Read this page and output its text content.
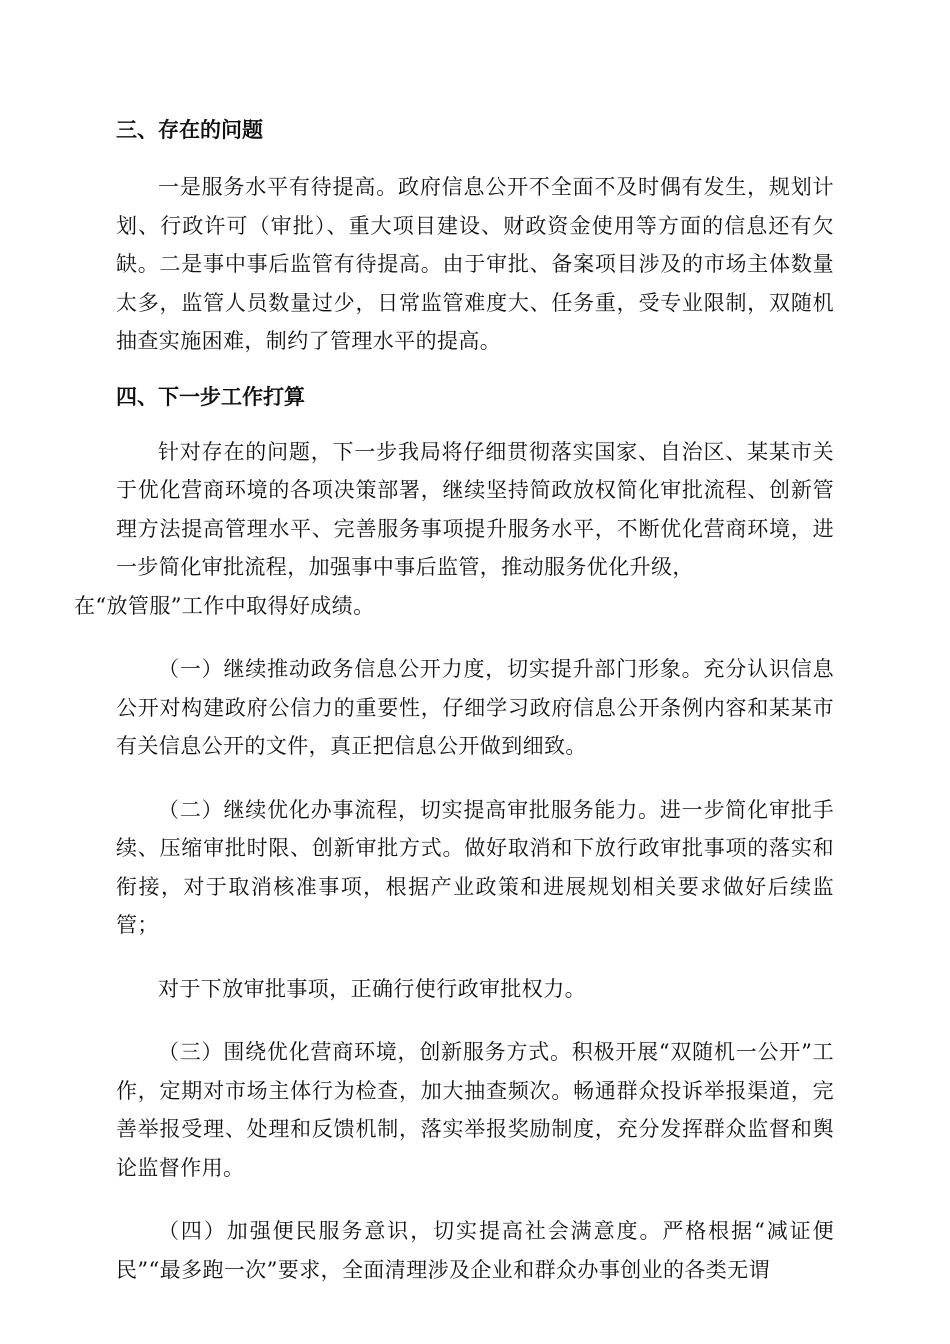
三、存在的问题

一是服务水平有待提高。政府信息公开不全面不及时偶有发生，规划计划、行政许可（审批）、重大项目建设、财政资金使用等方面的信息还有欠缺。二是事中事后监管有待提高。由于审批、备案项目涉及的市场主体数量太多，监管人员数量过少，日常监管难度大、任务重，受专业限制，双随机抽查实施困难，制约了管理水平的提高。

四、下一步工作打算

针对存在的问题，下一步我局将仔细贯彻落实国家、自治区、某某市关于优化营商环境的各项决策部署，继续坚持简政放权简化审批流程、创新管理方法提高管理水平、完善服务事项提升服务水平，不断优化营商环境，进一步简化审批流程，加强事中事后监管，推动服务优化升级，
在“放管服”工作中取得好成绩。

（一）继续推动政务信息公开力度，切实提升部门形象。充分认识信息公开对构建政府公信力的重要性，仔细学习政府信息公开条例内容和某某市有关信息公开的文件，真正把信息公开做到细致。

（二）继续优化办事流程，切实提高审批服务能力。进一步简化审批手续、压缩审批时限、创新审批方式。做好取消和下放行政审批事项的落实和衔接，对于取消核准事项，根据产业政策和进展规划相关要求做好后续监管；

对于下放审批事项，正确行使行政审批权力。

（三）围绕优化营商环境，创新服务方式。积极开展“双随机一公开”工作，定期对市场主体行为检查，加大抽查频次。畅通群众投诉举报渠道，完善举报受理、处理和反馈机制，落实举报奖励制度，充分发挥群众监督和舆论监督作用。

（四）加强便民服务意识，切实提高社会满意度。严格根据“减证便民”“最多跑一次”要求，全面清理涉及企业和群众办事创业的各类无谓
